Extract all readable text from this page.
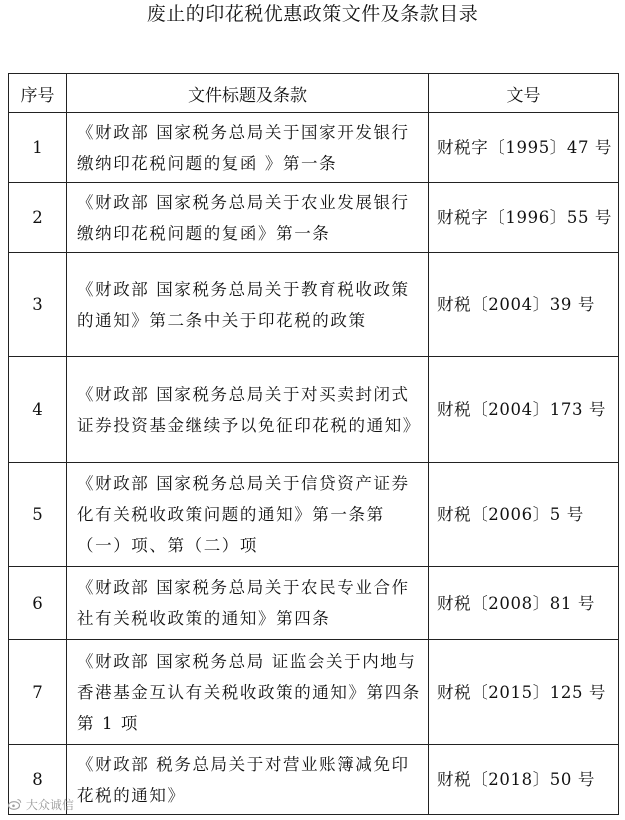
废止的印花税优惠政策文件及条款目录
序号	文件标题及条款	文号
1	《财政部 国家税务总局关于国家开发银行缴纳印花税问题的复函 》第一条	财税字〔1995〕47 号
2	《财政部 国家税务总局关于农业发展银行缴纳印花税问题的复函》第一条	财税字〔1996〕55 号
3	《财政部 国家税务总局关于教育税收政策的通知》第二条中关于印花税的政策	财税〔2004〕39 号
4	《财政部 国家税务总局关于对买卖封闭式证券投资基金继续予以免征印花税的通知》	财税〔2004〕173 号
5	《财政部 国家税务总局关于信贷资产证券化有关税收政策问题的通知》第一条第（一）项、第（二）项	财税〔2006〕5 号
6	《财政部 国家税务总局关于农民专业合作社有关税收政策的通知》第四条	财税〔2008〕81 号
7	《财政部 国家税务总局 证监会关于内地与香港基金互认有关税收政策的通知》第四条第 1 项	财税〔2015〕125 号
8	《财政部 税务总局关于对营业账簿减免印花税的通知》	财税〔2018〕50 号
大众诚信
